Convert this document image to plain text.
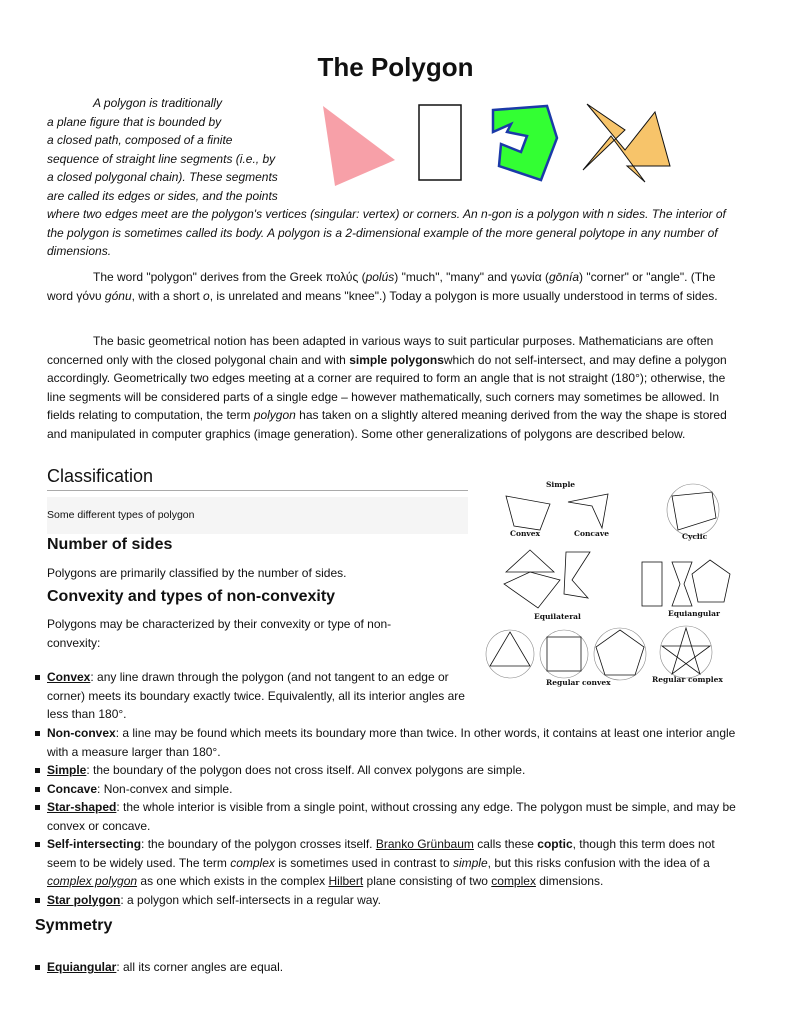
The Polygon
A polygon is traditionally
a plane figure that is bounded by
a closed path, composed of a finite
sequence of straight line segments (i.e., by
a closed polygonal chain). These segments
are called its edges or sides, and the points

where two edges meet are the polygon's vertices (singular: vertex) or corners. An n-gon is a polygon with n sides. The interior of the polygon is sometimes called its body. A polygon is a 2-dimensional example of the more general polytope in any number of dimensions.

The word "polygon" derives from the Greek πολύς (polús) "much", "many" and γωνία (gōnía) "corner" or "angle". (The word γόνυ gónu, with a short o, is unrelated and means "knee".) Today a polygon is more usually understood in terms of sides.

The basic geometrical notion has been adapted in various ways to suit particular purposes. Mathematicians are often concerned only with the closed polygonal chain and with simple polygonswhich do not self-intersect, and may define a polygon accordingly. Geometrically two edges meeting at a corner are required to form an angle that is not straight (180°); otherwise, the line segments will be considered parts of a single edge – however mathematically, such corners may sometimes be allowed. In fields relating to computation, the term polygon has taken on a slightly altered meaning derived from the way the shape is stored and manipulated in computer graphics (image generation). Some other generalizations of polygons are described below.

Classification
Some different types of polygon
Number of sides

Polygons are primarily classified by the number of sides.

Convexity and types of non-convexity

Polygons may be characterized by their convexity or type of non-convexity:

Simple
Convex	Concave	Cyclic
Equilateral	Equiangular
Regular convex	Regular complex
Convex: any line drawn through the polygon (and not tangent to an edge or corner) meets its boundary exactly twice. Equivalently, all its interior angles are less than 180°.
Non-convex: a line may be found which meets its boundary more than twice. In other words, it contains at least one interior angle with a measure larger than 180°.
Simple: the boundary of the polygon does not cross itself. All convex polygons are simple.
Concave: Non-convex and simple.
Star-shaped: the whole interior is visible from a single point, without crossing any edge. The polygon must be simple, and may be convex or concave.
Self-intersecting: the boundary of the polygon crosses itself. Branko Grünbaum calls these coptic, though this term does not seem to be widely used. The term complex is sometimes used in contrast to simple, but this risks confusion with the idea of a complex polygon as one which exists in the complex Hilbert plane consisting of two complex dimensions.
Star polygon: a polygon which self-intersects in a regular way.
Symmetry
Equiangular: all its corner angles are equal.
